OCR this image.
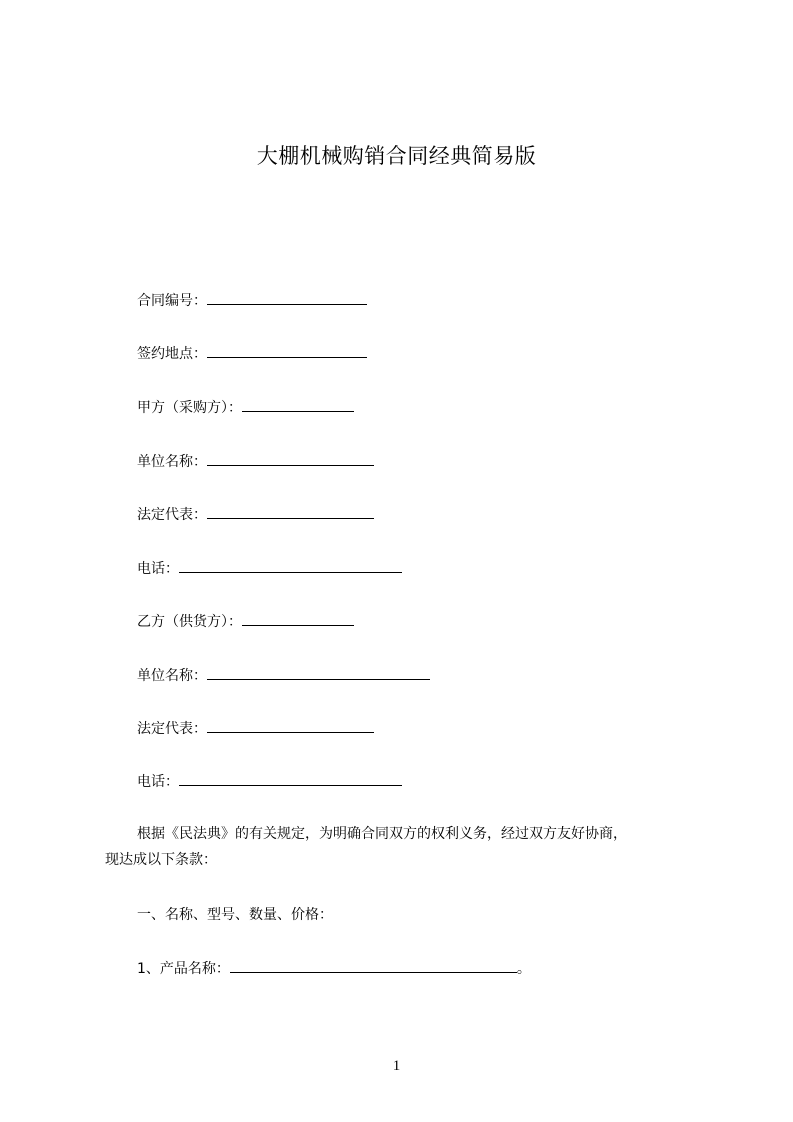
大棚机械购销合同经典简易版
合同编号：
签约地点：
甲方（采购方）：
单位名称：
法定代表：
电话：
乙方（供货方）：
单位名称：
法定代表：
电话：
根据《民法典》的有关规定，为明确合同双方的权利义务，经过双方友好协商，
现达成以下条款：
一、名称、型号、数量、价格：
1、产品名称：	。
1
